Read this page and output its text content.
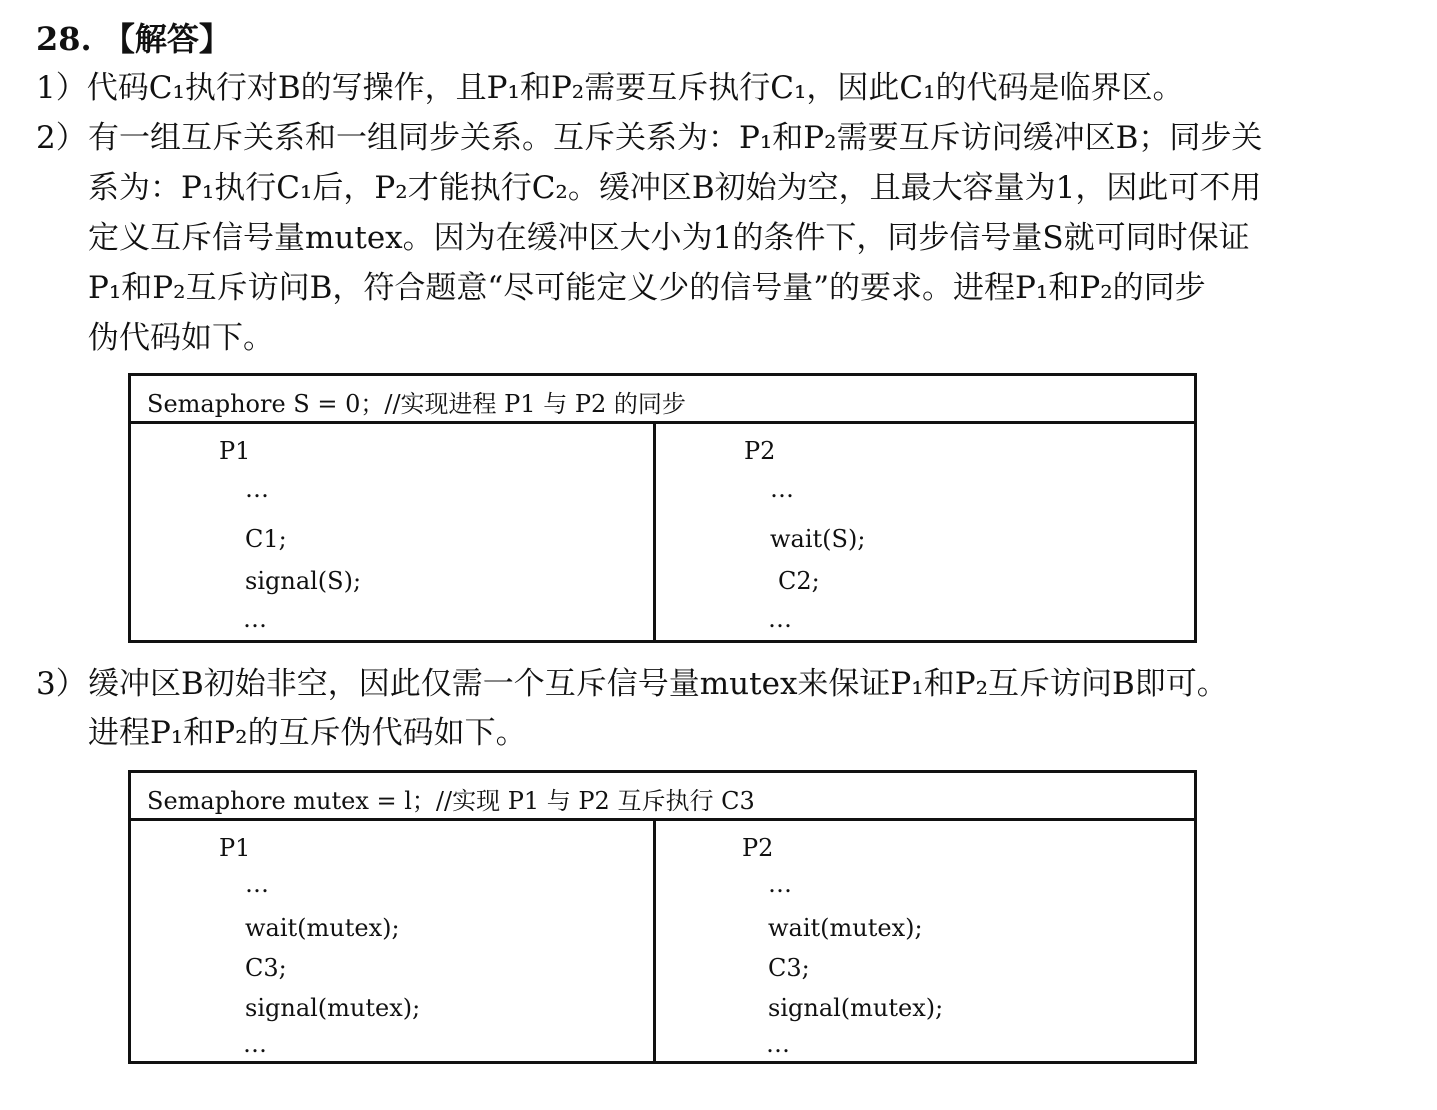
28. 【解答】
1）代码C₁执行对B的写操作，且P₁和P₂需要互斥执行C₁，因此C₁的代码是临界区。
2） 有一组互斥关系和一组同步关系。互斥关系为：P₁和P₂需要互斥访问缓冲区B；同步关
系为：P₁执行C₁后，P₂才能执行C₂。缓冲区B初始为空，且最大容量为1，因此可不用
定义互斥信号量mutex。因为在缓冲区大小为1的条件下，同步信号量S就可同时保证
P₁和P₂互斥访问B，符合题意“尽可能定义少的信号量”的要求。进程P₁和P₂的同步
伪代码如下。
Semaphore S = 0；//实现进程 P1 与 P2 的同步
P1
…
C1;
signal(S);
…
P2
…
wait(S);
C2;
…
3） 缓冲区B初始非空，因此仅需一个互斥信号量mutex来保证P₁和P₂互斥访问B即可。
进程P₁和P₂的互斥伪代码如下。
Semaphore mutex = l；//实现 P1 与 P2 互斥执行 C3
P1
…
wait(mutex);
C3;
signal(mutex);
…
P2
…
wait(mutex);
C3;
signal(mutex);
…
